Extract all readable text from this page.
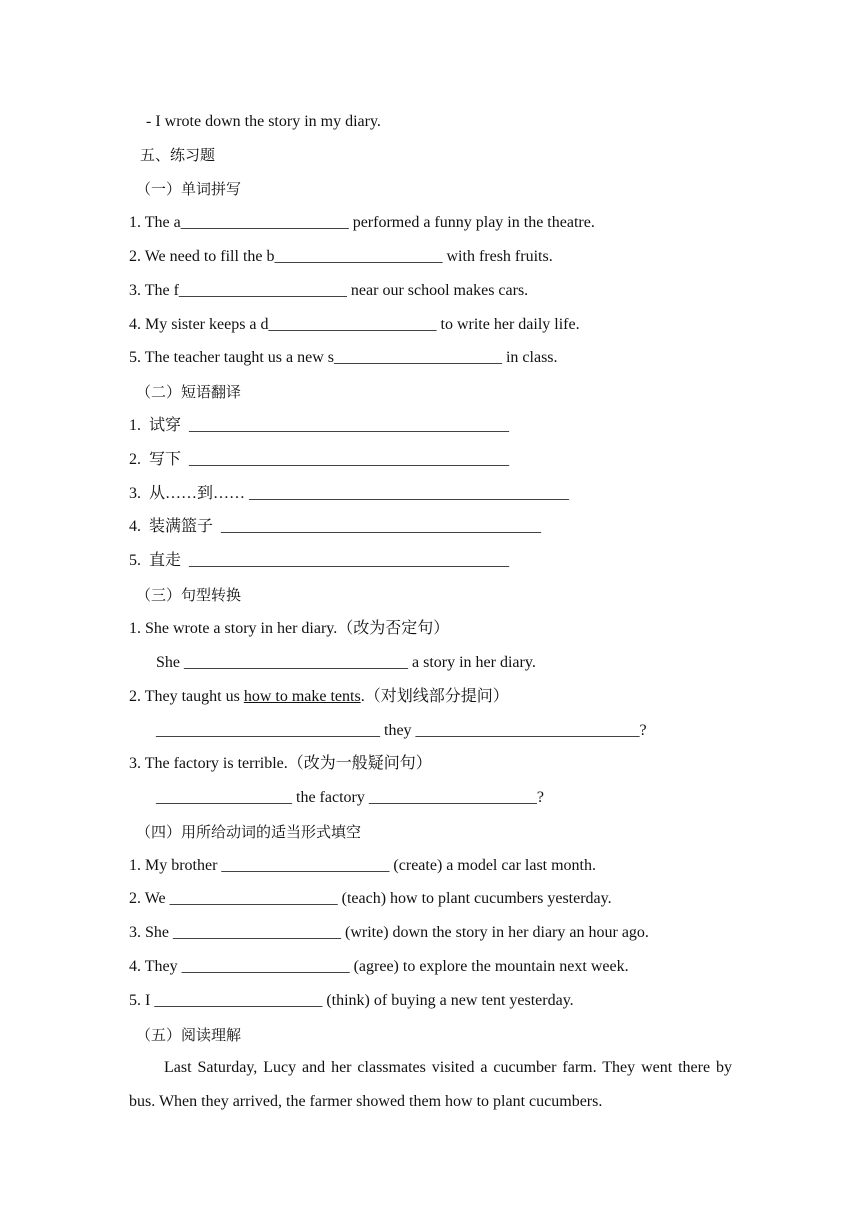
- I wrote down the story in my diary.
五、练习题
（一）单词拼写
1. The a_____________________ performed a funny play in the theatre.
2. We need to fill the b_____________________ with fresh fruits.
3. The f_____________________ near our school makes cars.
4. My sister keeps a d_____________________ to write her daily life.
5. The teacher taught us a new s_____________________ in class.
（二）短语翻译
1.  试穿  ________________________________________
2.  写下  ________________________________________
3.  从……到…… ________________________________________
4.  装满篮子  ________________________________________
5.  直走  ________________________________________
（三）句型转换
1. She wrote a story in her diary.（改为否定句）
She ____________________________ a story in her diary.
2. They taught us how to make tents.（对划线部分提问）
____________________________ they ____________________________?
3. The factory is terrible.（改为一般疑问句）
_________________ the factory _____________________?
（四）用所给动词的适当形式填空
1. My brother _____________________ (create) a model car last month.
2. We _____________________ (teach) how to plant cucumbers yesterday.
3. She _____________________ (write) down the story in her diary an hour ago.
4. They _____________________ (agree) to explore the mountain next week.
5. I _____________________ (think) of buying a new tent yesterday.
（五）阅读理解
Last Saturday, Lucy and her classmates visited a cucumber farm. They went there by bus. When they arrived, the farmer showed them how to plant cucumbers.
